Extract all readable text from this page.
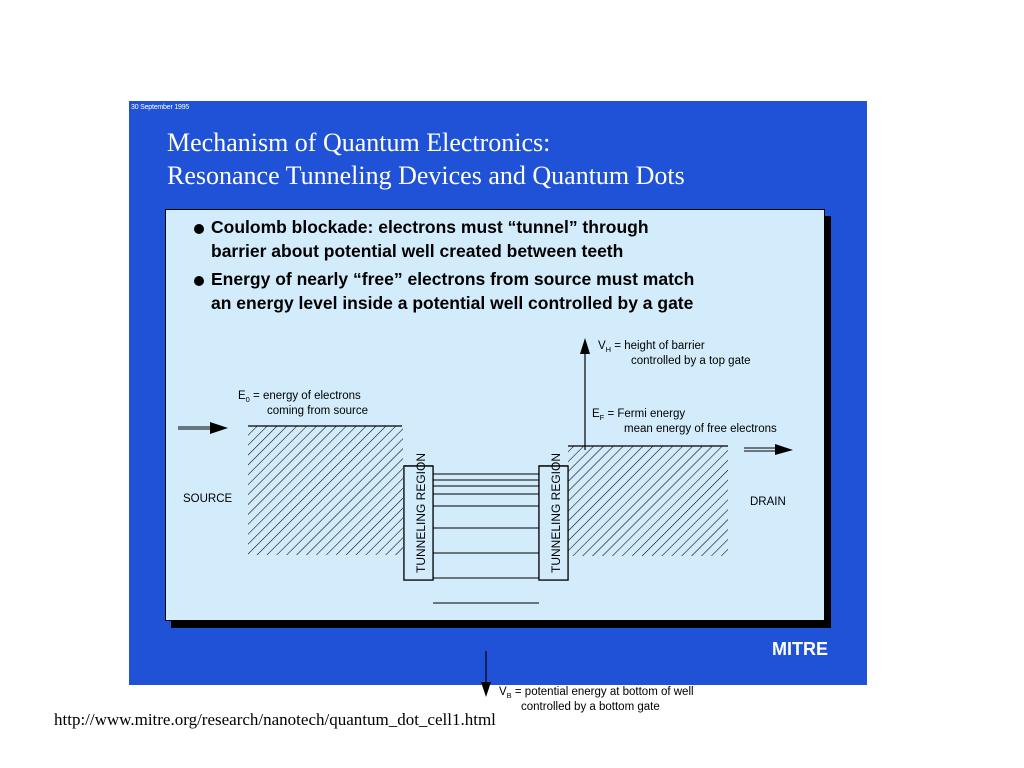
30 September 1995
Mechanism of Quantum Electronics:
Resonance Tunneling Devices and Quantum Dots
Coulomb blockade: electrons must “tunnel” through
barrier about potential well created between teeth
Energy of nearly “free” electrons from source must match
an energy level inside a potential well controlled by a gate
TUNNELING REGION	TUNNELING REGION
$V_H$ = height of barrier
controlled by a top gate
$E_0$ = energy of electrons
coming from source	$E_F$ = Fermi energy
mean energy of free electrons
$V_B$ = potential energy at bottom of well
controlled by a bottom gate
SOURCE	DRAIN
MITRE
http://www.mitre.org/research/nanotech/quantum_dot_cell1.html
